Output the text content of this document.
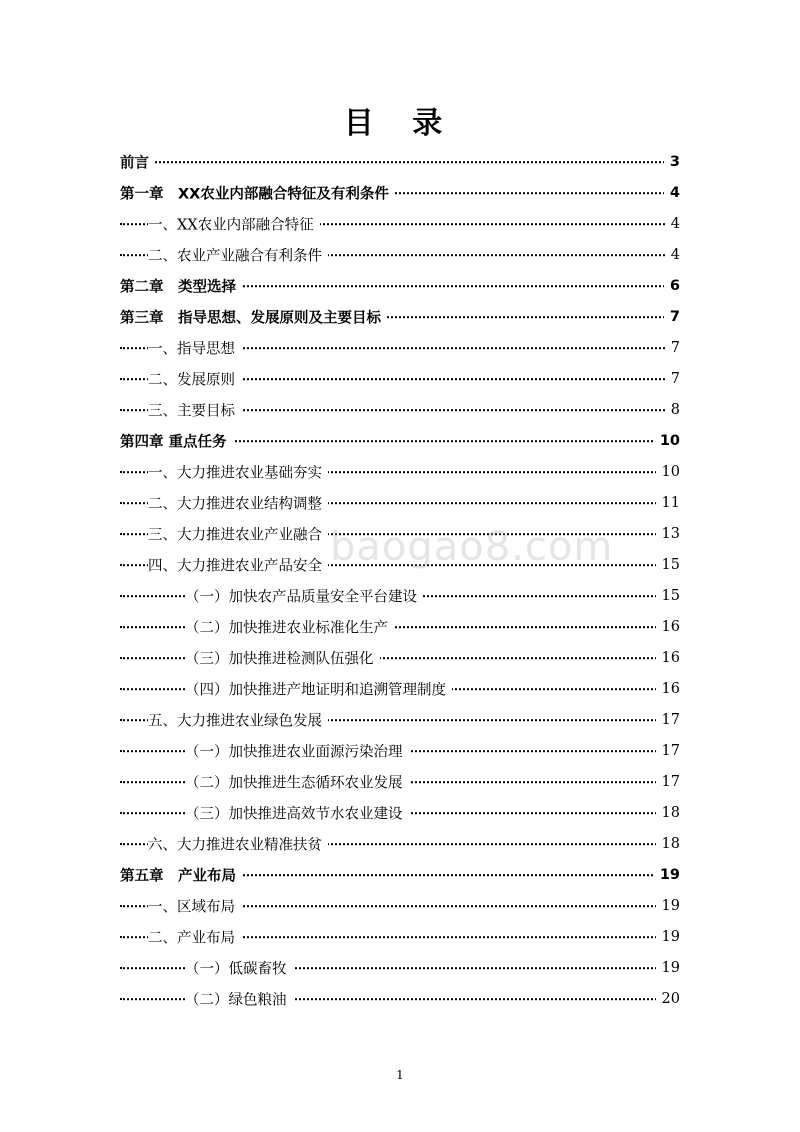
目 录
前言	3
第一章　XX农业内部融合特征及有利条件	4
一、XX农业内部融合特征	4
二、农业产业融合有利条件	4
第二章　类型选择	6
第三章　指导思想、发展原则及主要目标	7
一、指导思想	7
二、发展原则	7
三、主要目标	8
第四章 重点任务	10
一、大力推进农业基础夯实	10
二、大力推进农业结构调整	11
三、大力推进农业产业融合	13
四、大力推进农业产品安全	15
（一）加快农产品质量安全平台建设	15
（二）加快推进农业标准化生产	16
（三）加快推进检测队伍强化	16
（四）加快推进产地证明和追溯管理制度	16
五、大力推进农业绿色发展	17
（一）加快推进农业面源污染治理	17
（二）加快推进生态循环农业发展	17
（三）加快推进高效节水农业建设	18
六、大力推进农业精准扶贫	18
第五章　产业布局	19
一、区域布局	19
二、产业布局	19
（一）低碳畜牧	19
（二）绿色粮油	20
baogao8.com
1
